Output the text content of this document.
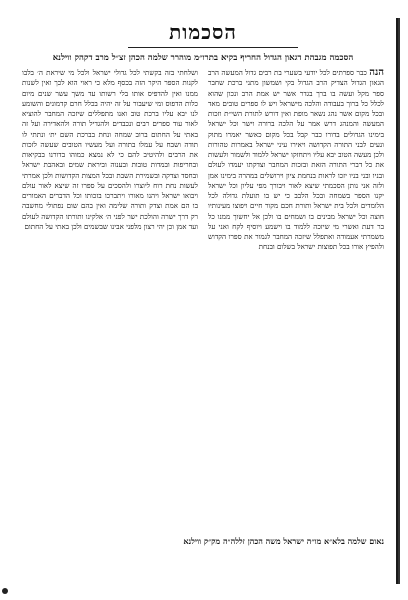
הסכמות
הסכמה מגבהת דגאון הגדול החריף בקיא בתרו״מ מוהרר שלמה הכהן זצ״ל מרב דקהק ווילנא

הנה כבר ספרתים לכל יודעי בשערי בת רבים גדול המעשה הרב הגאון הגדול הצדיק הרב הגדול בקי ושמשון מתני ברכת שחבר ספר מקל ועשה בו ברך בגדר אשר יש אמת הרב ונכון שהוא לכלל כל ברוך בעבודה והלכה מישראל ויש לו ספרים טובים מאד ובכל מקום אשר נהג נשאר מופת ואין דורש לתורת השי״ת וזכות המעשה והמנהג דרש אמר על הלכה ברורה וישר וכל ישראל בימינו הגדולים בדורו כבר קבל בכל מקום כאשר יאמרו מתוק ונעים לבני התורה הקדושה ויאירו עיני ישראל באמרות טהורות ולכן מעשה הטוב יבא עליו ויתחזקו ישראל ללמוד ולשמור ולעשות את כל דברי התורה הזאת ובזכות המחבר וצדקתו יעמדו לעולם ובניו ובני בניו יזכו לראות בנחמת ציון וירושלים במהרה בימינו אמן ולזה אני נותן הסכמתי שיצא לאור ויבורך מפי עליון וכל ישראל יקנו הספר בשמחה ובכל הלבב כי יש בו תועלת גדולה לכל הלומדים ולכל בית ישראל ותורת חכם מקור חיים ויפוצו מעינותיו חוצה וכל ישראל מבינים בו ושמחים בו ולכן אל יחשוך ממנו כל בר דעת ואשרי מי שיזכה ללמוד בו וישמע ויוסיף לקח ואני על משמרתי אעמודה ואתפלל שיזכה המחבר לגמור את ספרו הקדוש ולהפיץ אורו בכל תפוצות ישראל בשלום ובנחת

ושלחתי בזה בקשתי לכל גדולי ישראל ולכל מי שיראת ה׳ בלבו לקנות הספר היקר הזה בכסף מלא כי ראוי הוא לכך ואין לשנות ממנו ואין להדפיס אותו בלי רשותו עד משך עשר שנים מיום כלות הדפוס ומי שיעבור על זה יהיה בכלל חרם קדמונים והשומע לנו יבא עליו ברכת טוב ואנו מתפללים שיזכה המחבר להוציא לאור עוד ספרים רבים ונכבדים ולהגדיל תורה ולהאדירה ועל זה באתי על החתום ברוב שמחה ונחת בברכת השם ית׳ ונתתי לו תודה ושבח על עמלו בתורה ועל מעשיו הטובים שעשה לזכות את הרבים ולהיטיב להם כי לא נמצא כמוהו בדורנו בבקיאות ובחריפות ובמדות טובות ובענוה וביראת שמים ובאהבת ישראל ובחסד וצדקה ובשמירת השבת ובכל המצות הקדושות ולכן אמרתי לעשות נחת רוח ליוצרו ולהסכים על ספרו זה שיצא לאור עולם ויבואו ישראל ויהנו מאורו ויתברכו בזכותו וכל הדברים האמורים בו הם אמת וצדק ותורה שלימה ואין בהם שום נפתולי מחשבה רק דרך ישרה והולכת ישר לפני ה׳ אלקינו ותורתו הקדושה לעולם ועד אמן וכן יהי רצון מלפני אבינו שבשמים ולכן באתי על החתום

נאום שלמה בלא״א מו״ה ישראל משה הכהן זללה״ה מק״ק ווילנא
